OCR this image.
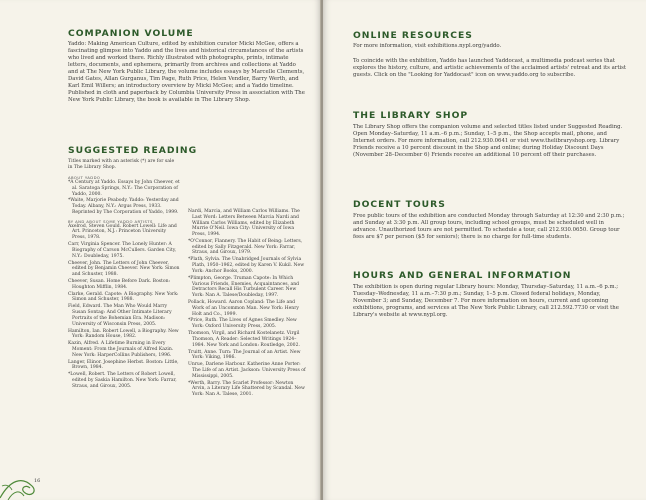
COMPANION VOLUME

Yaddo: Making American Culture, edited by exhibition curator Micki McGee, offers a fascinating glimpse into Yaddo and the lives and historical circumstances of the artists who lived and worked there. Richly illustrated with photographs, prints, intimate letters, documents, and ephemera, primarily from archives and collections at Yaddo and at The New York Public Library, the volume includes essays by Marcelle Clements, David Gates, Allan Gurganus, Tim Page, Ruth Price, Helen Vendler, Barry Werth, and Karl Emil Willers; an introductory overview by Micki McGee; and a Yaddo timeline. Published in cloth and paperback by Columbia University Press in association with The New York Public Library, the book is available in The Library Shop.

SUGGESTED READING

Titles marked with an asterisk (*) are for sale in The Library Shop.

ABOUT YADDO

*A Century at Yaddo. Essays by John Cheever, et al. Saratoga Springs, N.Y.: The Corporation of Yaddo, 2000.

*Waite, Marjorie Peabody. Yaddo: Yesterday and Today. Albany, N.Y.: Argus Press, 1933. Reprinted by The Corporation of Yaddo, 1999.

BY AND ABOUT SOME YADDO ARTISTS

Axelrod, Steven Gould. Robert Lowell: Life and Art. Princeton, N.J.: Princeton University Press, 1978.

Carr, Virginia Spencer. The Lonely Hunter: A Biography of Carson McCullers. Garden City, N.Y.: Doubleday, 1975.

Cheever, John. The Letters of John Cheever, edited by Benjamin Cheever. New York: Simon and Schuster, 1988.

Cheever, Susan. Home Before Dark. Boston: Houghton Mifflin, 1984.

Clarke, Gerald. Capote: A Biography. New York: Simon and Schuster, 1988.

Field, Edward. The Man Who Would Marry Susan Sontag: And Other Intimate Literary Portraits of the Bohemian Era. Madison: University of Wisconsin Press, 2005.

Hamilton, Ian. Robert Lowell, a Biography. New York: Random House, 1982.

Kazin, Alfred. A Lifetime Burning in Every Moment: From the Journals of Alfred Kazin. New York: HarperCollins Publishers, 1996.

Langer, Elinor. Josephine Herbst. Boston: Little, Brown, 1984.

*Lowell, Robert. The Letters of Robert Lowell, edited by Saskia Hamilton. New York: Farrar, Straus, and Giroux, 2005.

Nardi, Marcia, and William Carlos Williams. The Last Word: Letters Between Marcia Nardi and William Carlos Williams, edited by Elizabeth Murrie O'Neil. Iowa City: University of Iowa Press, 1994.

*O'Connor, Flannery. The Habit of Being: Letters, edited by Sally Fitzgerald. New York: Farrar, Straus, and Giroux, 1979.

*Plath, Sylvia. The Unabridged Journals of Sylvia Plath, 1950–1962, edited by Karen V. Kukil. New York: Anchor Books, 2000.

*Plimpton, George. Truman Capote: In Which Various Friends, Enemies, Acquaintances, and Detractors Recall His Turbulent Career. New York: Nan A. Talese/Doubleday, 1997.

Pollack, Howard. Aaron Copland: The Life and Work of an Uncommon Man. New York: Henry Holt and Co., 1999.

*Price, Ruth. The Lives of Agnes Smedley. New York: Oxford University Press, 2005.

Thomson, Virgil, and Richard Kostelanetz. Virgil Thomson, A Reader: Selected Writings 1924–1984. New York and London: Routledge, 2002.

Truitt, Anne. Turn: The Journal of an Artist. New York: Viking, 1986.

Unrue, Darlene Harbour. Katherine Anne Porter: The Life of an Artist. Jackson: University Press of Mississippi, 2005.

*Werth, Barry. The Scarlet Professor: Newton Arvin, a Literary Life Shattered by Scandal. New York: Nan A. Talese, 2001.

16
ONLINE RESOURCES

For more information, visit exhibitions.nypl.org/yaddo.

To coincide with the exhibition, Yaddo has launched Yaddocast, a multimedia podcast series that explores the history, culture, and artistic achievements of the acclaimed artists' retreat and its artist guests. Click on the "Looking for Yaddocast" icon on www.yaddo.org to subscribe.

THE LIBRARY SHOP

The Library Shop offers the companion volume and selected titles listed under Suggested Reading. Open Monday–Saturday, 11 a.m.–6 p.m.; Sunday, 1–5 p.m., the Shop accepts mail, phone, and Internet orders. For more information, call 212.930.0641 or visit www.thelibraryshop.org. Library Friends receive a 10 percent discount in the Shop and online; during Holiday Discount Days (November 28–December 6) Friends receive an additional 10 percent off their purchases.

DOCENT TOURS

Free public tours of the exhibition are conducted Monday through Saturday at 12:30 and 2:30 p.m.; and Sunday at 3:30 p.m. All group tours, including school groups, must be scheduled well in advance. Unauthorized tours are not permitted. To schedule a tour, call 212.930.0650. Group tour fees are $7 per person ($5 for seniors); there is no charge for full-time students.

HOURS AND GENERAL INFORMATION

The exhibition is open during regular Library hours: Monday, Thursday–Saturday, 11 a.m.–6 p.m.; Tuesday–Wednesday, 11 a.m.–7:30 p.m.; Sunday, 1–5 p.m. Closed federal holidays, Monday, November 3; and Sunday, December 7. For more information on hours, current and upcoming exhibitions, programs, and services at The New York Public Library, call 212.592.7730 or visit the Library's website at www.nypl.org.
